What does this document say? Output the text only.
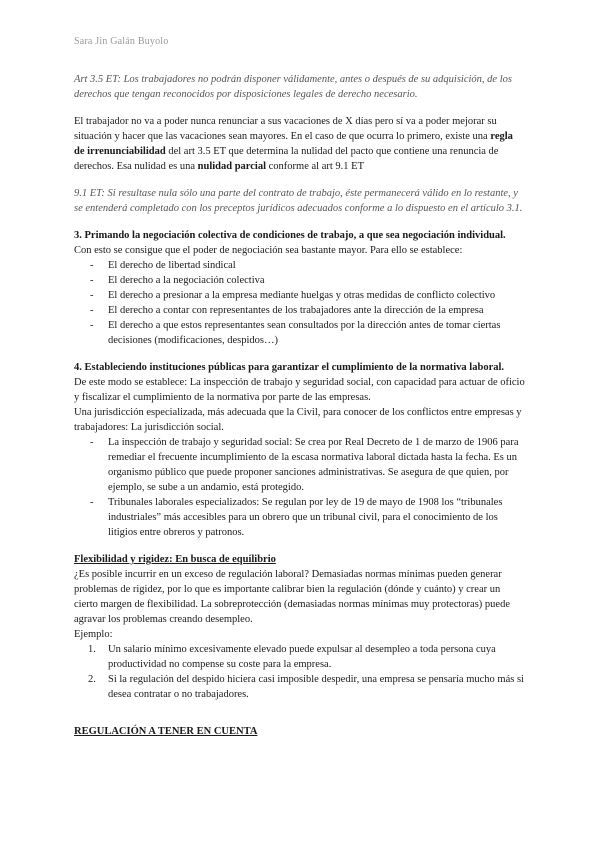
Sara Jin Galán Buyolo

Art 3.5 ET: Los trabajadores no podrán disponer válidamente, antes o después de su adquisición, de los derechos que tengan reconocidos por disposiciones legales de derecho necesario.

El trabajador no va a poder nunca renunciar a sus vacaciones de X días pero sí va a poder mejorar su situación y hacer que las vacaciones sean mayores. En el caso de que ocurra lo primero, existe una regla de irrenunciabilidad del art 3.5 ET que determina la nulidad del pacto que contiene una renuncia de derechos. Esa nulidad es una nulidad parcial conforme al art 9.1 ET

9.1 ET: Si resultase nula sólo una parte del contrato de trabajo, éste permanecerá válido en lo restante, y se entenderá completado con los preceptos jurídicos adecuados conforme a lo dispuesto en el artículo 3.1.

3. Primando la negociación colectiva de condiciones de trabajo, a que sea negociación individual.

Con esto se consigue que el poder de negociación sea bastante mayor. Para ello se establece:

- El derecho de libertad sindical
- El derecho a la negociación colectiva
- El derecho a presionar a la empresa mediante huelgas y otras medidas de conflicto colectivo
- El derecho a contar con representantes de los trabajadores ante la dirección de la empresa
- El derecho a que estos representantes sean consultados por la dirección antes de tomar ciertas decisiones (modificaciones, despidos…)
4. Estableciendo instituciones públicas para garantizar el cumplimiento de la normativa laboral.

De este modo se establece: La inspección de trabajo y seguridad social, con capacidad para actuar de oficio y fiscalizar el cumplimiento de la normativa por parte de las empresas.

Una jurisdicción especializada, más adecuada que la Civil, para conocer de los conflictos entre empresas y trabajadores: La jurisdicción social.

- La inspección de trabajo y seguridad social: Se crea por Real Decreto de 1 de marzo de 1906 para remediar el frecuente incumplimiento de la escasa normativa laboral dictada hasta la fecha. Es un organismo público que puede proponer sanciones administrativas. Se asegura de que quien, por ejemplo, se sube a un andamio, está protegido.
- Tribunales laborales especializados: Se regulan por ley de 19 de mayo de 1908 los “tribunales industriales” más accesibles para un obrero que un tribunal civil, para el conocimiento de los litigios entre obreros y patronos.
Flexibilidad y rigidez: En busca de equilibrio

¿Es posible incurrir en un exceso de regulación laboral? Demasiadas normas mínimas pueden generar problemas de rigidez, por lo que es importante calibrar bien la regulación (dónde y cuánto) y crear un cierto margen de flexibilidad. La sobreprotección (demasiadas normas mínimas muy protectoras) puede agravar los problemas creando desempleo.

Ejemplo:

1. Un salario mínimo excesivamente elevado puede expulsar al desempleo a toda persona cuya productividad no compense su coste para la empresa.
2. Si la regulación del despido hiciera casi imposible despedir, una empresa se pensaría mucho más si desea contratar o no trabajadores.
REGULACIÓN A TENER EN CUENTA
